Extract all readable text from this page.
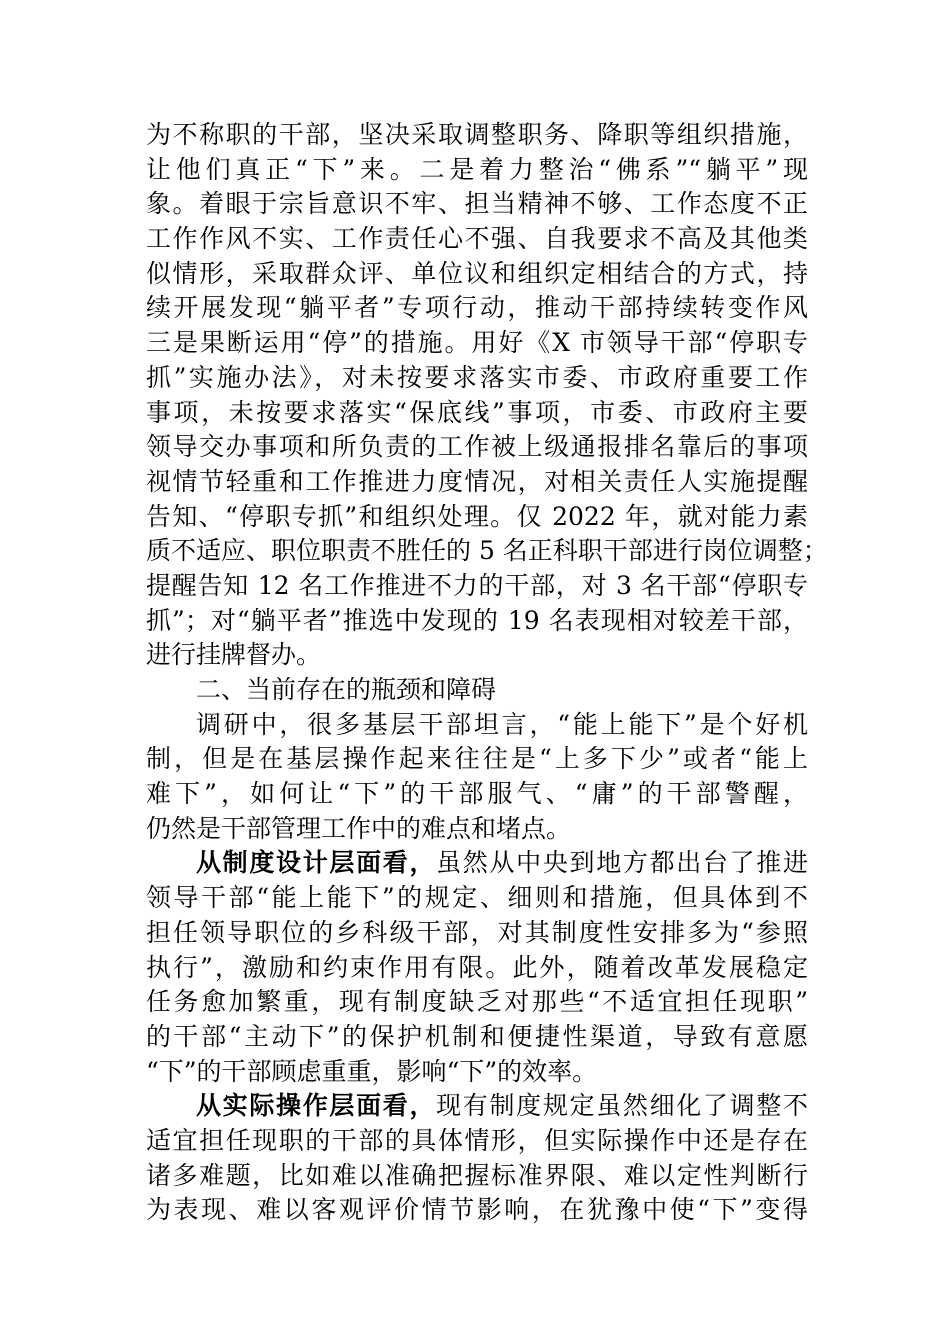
为不称职的干部，坚决采取调整职务、降职等组织措施，
让他们真正“下”来。二是着力整治“佛系”“躺平”现
象。着眼于宗旨意识不牢、担当精神不够、工作态度不正
工作作风不实、工作责任心不强、自我要求不高及其他类
似情形，采取群众评、单位议和组织定相结合的方式，持
续开展发现“躺平者”专项行动，推动干部持续转变作风
三是果断运用“停”的措施。用好《X 市领导干部“停职专
抓”实施办法》，对未按要求落实市委、市政府重要工作
事项，未按要求落实“保底线”事项，市委、市政府主要
领导交办事项和所负责的工作被上级通报排名靠后的事项
视情节轻重和工作推进力度情况，对相关责任人实施提醒
告知、“停职专抓”和组织处理。仅 2022 年，就对能力素
质不适应、职位职责不胜任的 5 名正科职干部进行岗位调整；
提醒告知 12 名工作推进不力的干部，对 3 名干部“停职专
抓”；对“躺平者”推选中发现的 19 名表现相对较差干部，
进行挂牌督办。
二、当前存在的瓶颈和障碍
调研中，很多基层干部坦言，“能上能下”是个好机
制，但是在基层操作起来往往是“上多下少”或者“能上
难下”，如何让“下”的干部服气、“庸”的干部警醒，
仍然是干部管理工作中的难点和堵点。
从制度设计层面看，虽然从中央到地方都出台了推进
领导干部“能上能下”的规定、细则和措施，但具体到不
担任领导职位的乡科级干部，对其制度性安排多为“参照
执行”，激励和约束作用有限。此外，随着改革发展稳定
任务愈加繁重，现有制度缺乏对那些“不适宜担任现职”
的干部“主动下”的保护机制和便捷性渠道，导致有意愿
“下”的干部顾虑重重，影响“下”的效率。
从实际操作层面看，现有制度规定虽然细化了调整不
适宜担任现职的干部的具体情形，但实际操作中还是存在
诸多难题，比如难以准确把握标准界限、难以定性判断行
为表现、难以客观评价情节影响，在犹豫中使“下”变得
